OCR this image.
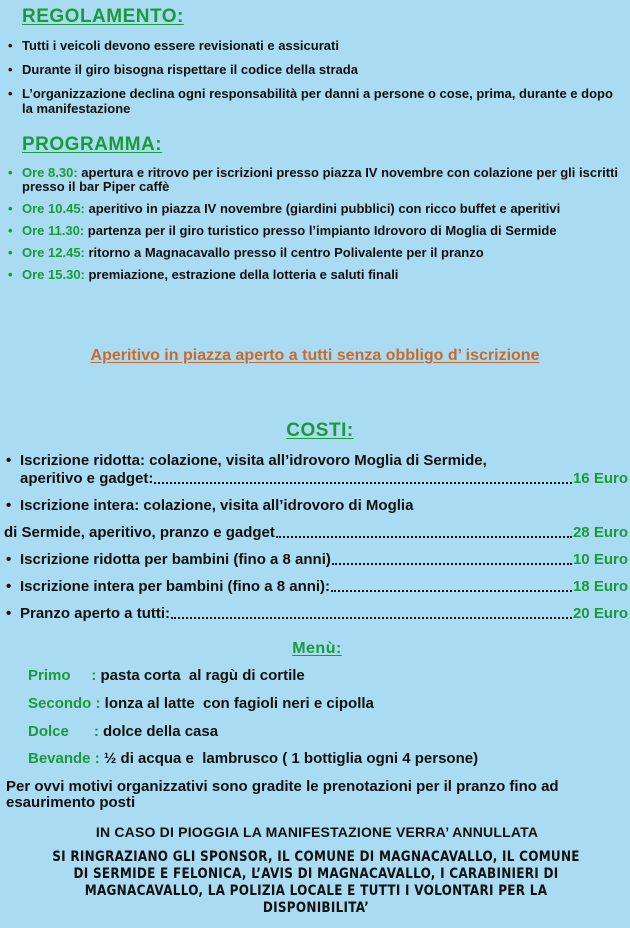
REGOLAMENTO:
• Tutti i veicoli devono essere revisionati e assicurati
• Durante il giro bisogna rispettare il codice della strada
• L’organizzazione declina ogni responsabilità per danni a persone o cose, prima, durante e dopo la manifestazione
PROGRAMMA:
• Ore 8.30: apertura e ritrovo per iscrizioni presso piazza IV novembre con colazione per gli iscritti presso il bar Piper caffè
• Ore 10.45: aperitivo in piazza IV novembre (giardini pubblici) con ricco buffet e aperitivi
• Ore 11.30: partenza per il giro turistico presso l’impianto Idrovoro di Moglia di Sermide
• Ore 12.45: ritorno a Magnacavallo presso il centro Polivalente per il pranzo
• Ore 15.30: premiazione, estrazione della lotteria e saluti finali
Aperitivo in piazza aperto a tutti senza obbligo d’ iscrizione
COSTI:
• Iscrizione ridotta: colazione, visita all’idrovoro Moglia di Sermide,
aperitivo e gadget:	16 Euro
• Iscrizione intera: colazione, visita all’idrovoro di Moglia
di Sermide, aperitivo, pranzo e gadget	28 Euro
• Iscrizione ridotta per bambini (fino a 8 anni)	10 Euro
• Iscrizione intera per bambini (fino a 8 anni):	18 Euro
• Pranzo aperto a tutti:	20 Euro
Menù:
Primo     : pasta corta  al ragù di cortile
Secondo : lonza al latte  con fagioli neri e cipolla
Dolce      : dolce della casa
Bevande : ½ di acqua e  lambrusco ( 1 bottiglia ogni 4 persone)
Per ovvi motivi organizzativi sono gradite le prenotazioni per il pranzo fino ad esaurimento posti
IN CASO DI PIOGGIA LA MANIFESTAZIONE VERRA’ ANNULLATA
SI RINGRAZIANO GLI SPONSOR, IL COMUNE DI MAGNACAVALLO, IL COMUNE DI SERMIDE E FELONICA, L’AVIS DI MAGNACAVALLO, I CARABINIERI DI MAGNACAVALLO, LA POLIZIA LOCALE E TUTTI I VOLONTARI PER LA DISPONIBILITA’
